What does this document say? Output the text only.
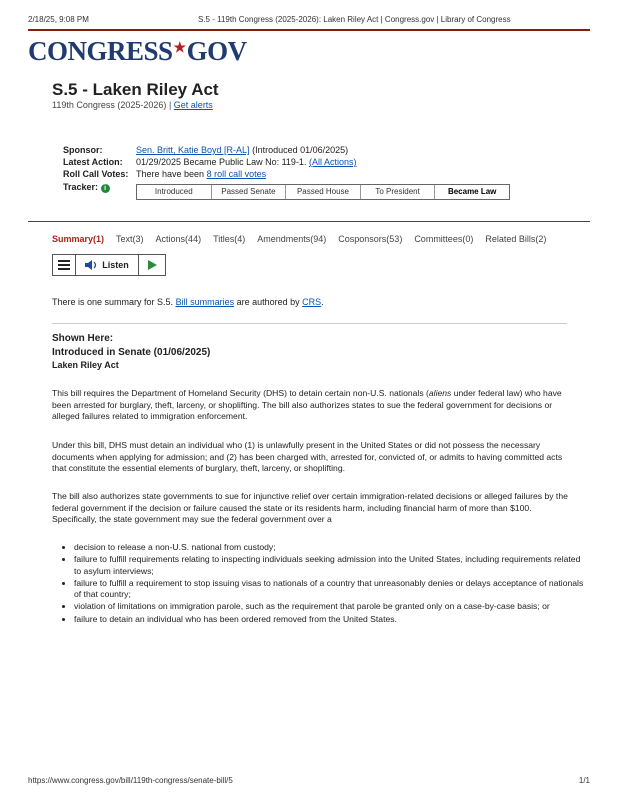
2/18/25, 9:08 PM	S.5 - 119th Congress (2025-2026): Laken Riley Act | Congress.gov | Library of Congress
CONGRESS★GOV
S.5 - Laken Riley Act
119th Congress (2025-2026) | Get alerts
Sponsor:	Sen. Britt, Katie Boyd [R-AL] (Introduced 01/06/2025)
Latest Action: 01/29/2025 Became Public Law No: 119-1. (All Actions)
Roll Call Votes: There have been 8 roll call votes
Tracker: i	Introduced	Passed Senate	Passed House	To President	Became Law
Summary(1) Text(3) Actions(44) Titles(4) Amendments(94) Cosponsors(53) Committees(0) Related Bills(2)
Listen
There is one summary for S.5. Bill summaries are authored by CRS.
Shown Here:
Introduced in Senate (01/06/2025)
Laken Riley Act
This bill requires the Department of Homeland Security (DHS) to detain certain non-U.S. nationals (aliens under federal law) who have been arrested for burglary, theft, larceny, or shoplifting. The bill also authorizes states to sue the federal government for decisions or alleged failures related to immigration enforcement.
Under this bill, DHS must detain an individual who (1) is unlawfully present in the United States or did not possess the necessary documents when applying for admission; and (2) has been charged with, arrested for, convicted of, or admits to having committed acts that constitute the essential elements of burglary, theft, larceny, or shoplifting.
The bill also authorizes state governments to sue for injunctive relief over certain immigration-related decisions or alleged failures by the federal government if the decision or failure caused the state or its residents harm, including financial harm of more than $100. Specifically, the state government may sue the federal government over a
• decision to release a non-U.S. national from custody;
• failure to fulfill requirements relating to inspecting individuals seeking admission into the United States, including requirements related to asylum interviews;
• failure to fulfill a requirement to stop issuing visas to nationals of a country that unreasonably denies or delays acceptance of nationals of that country;
• violation of limitations on immigration parole, such as the requirement that parole be granted only on a case-by-case basis; or
• failure to detain an individual who has been ordered removed from the United States.
https://www.congress.gov/bill/119th-congress/senate-bill/5	1/1
